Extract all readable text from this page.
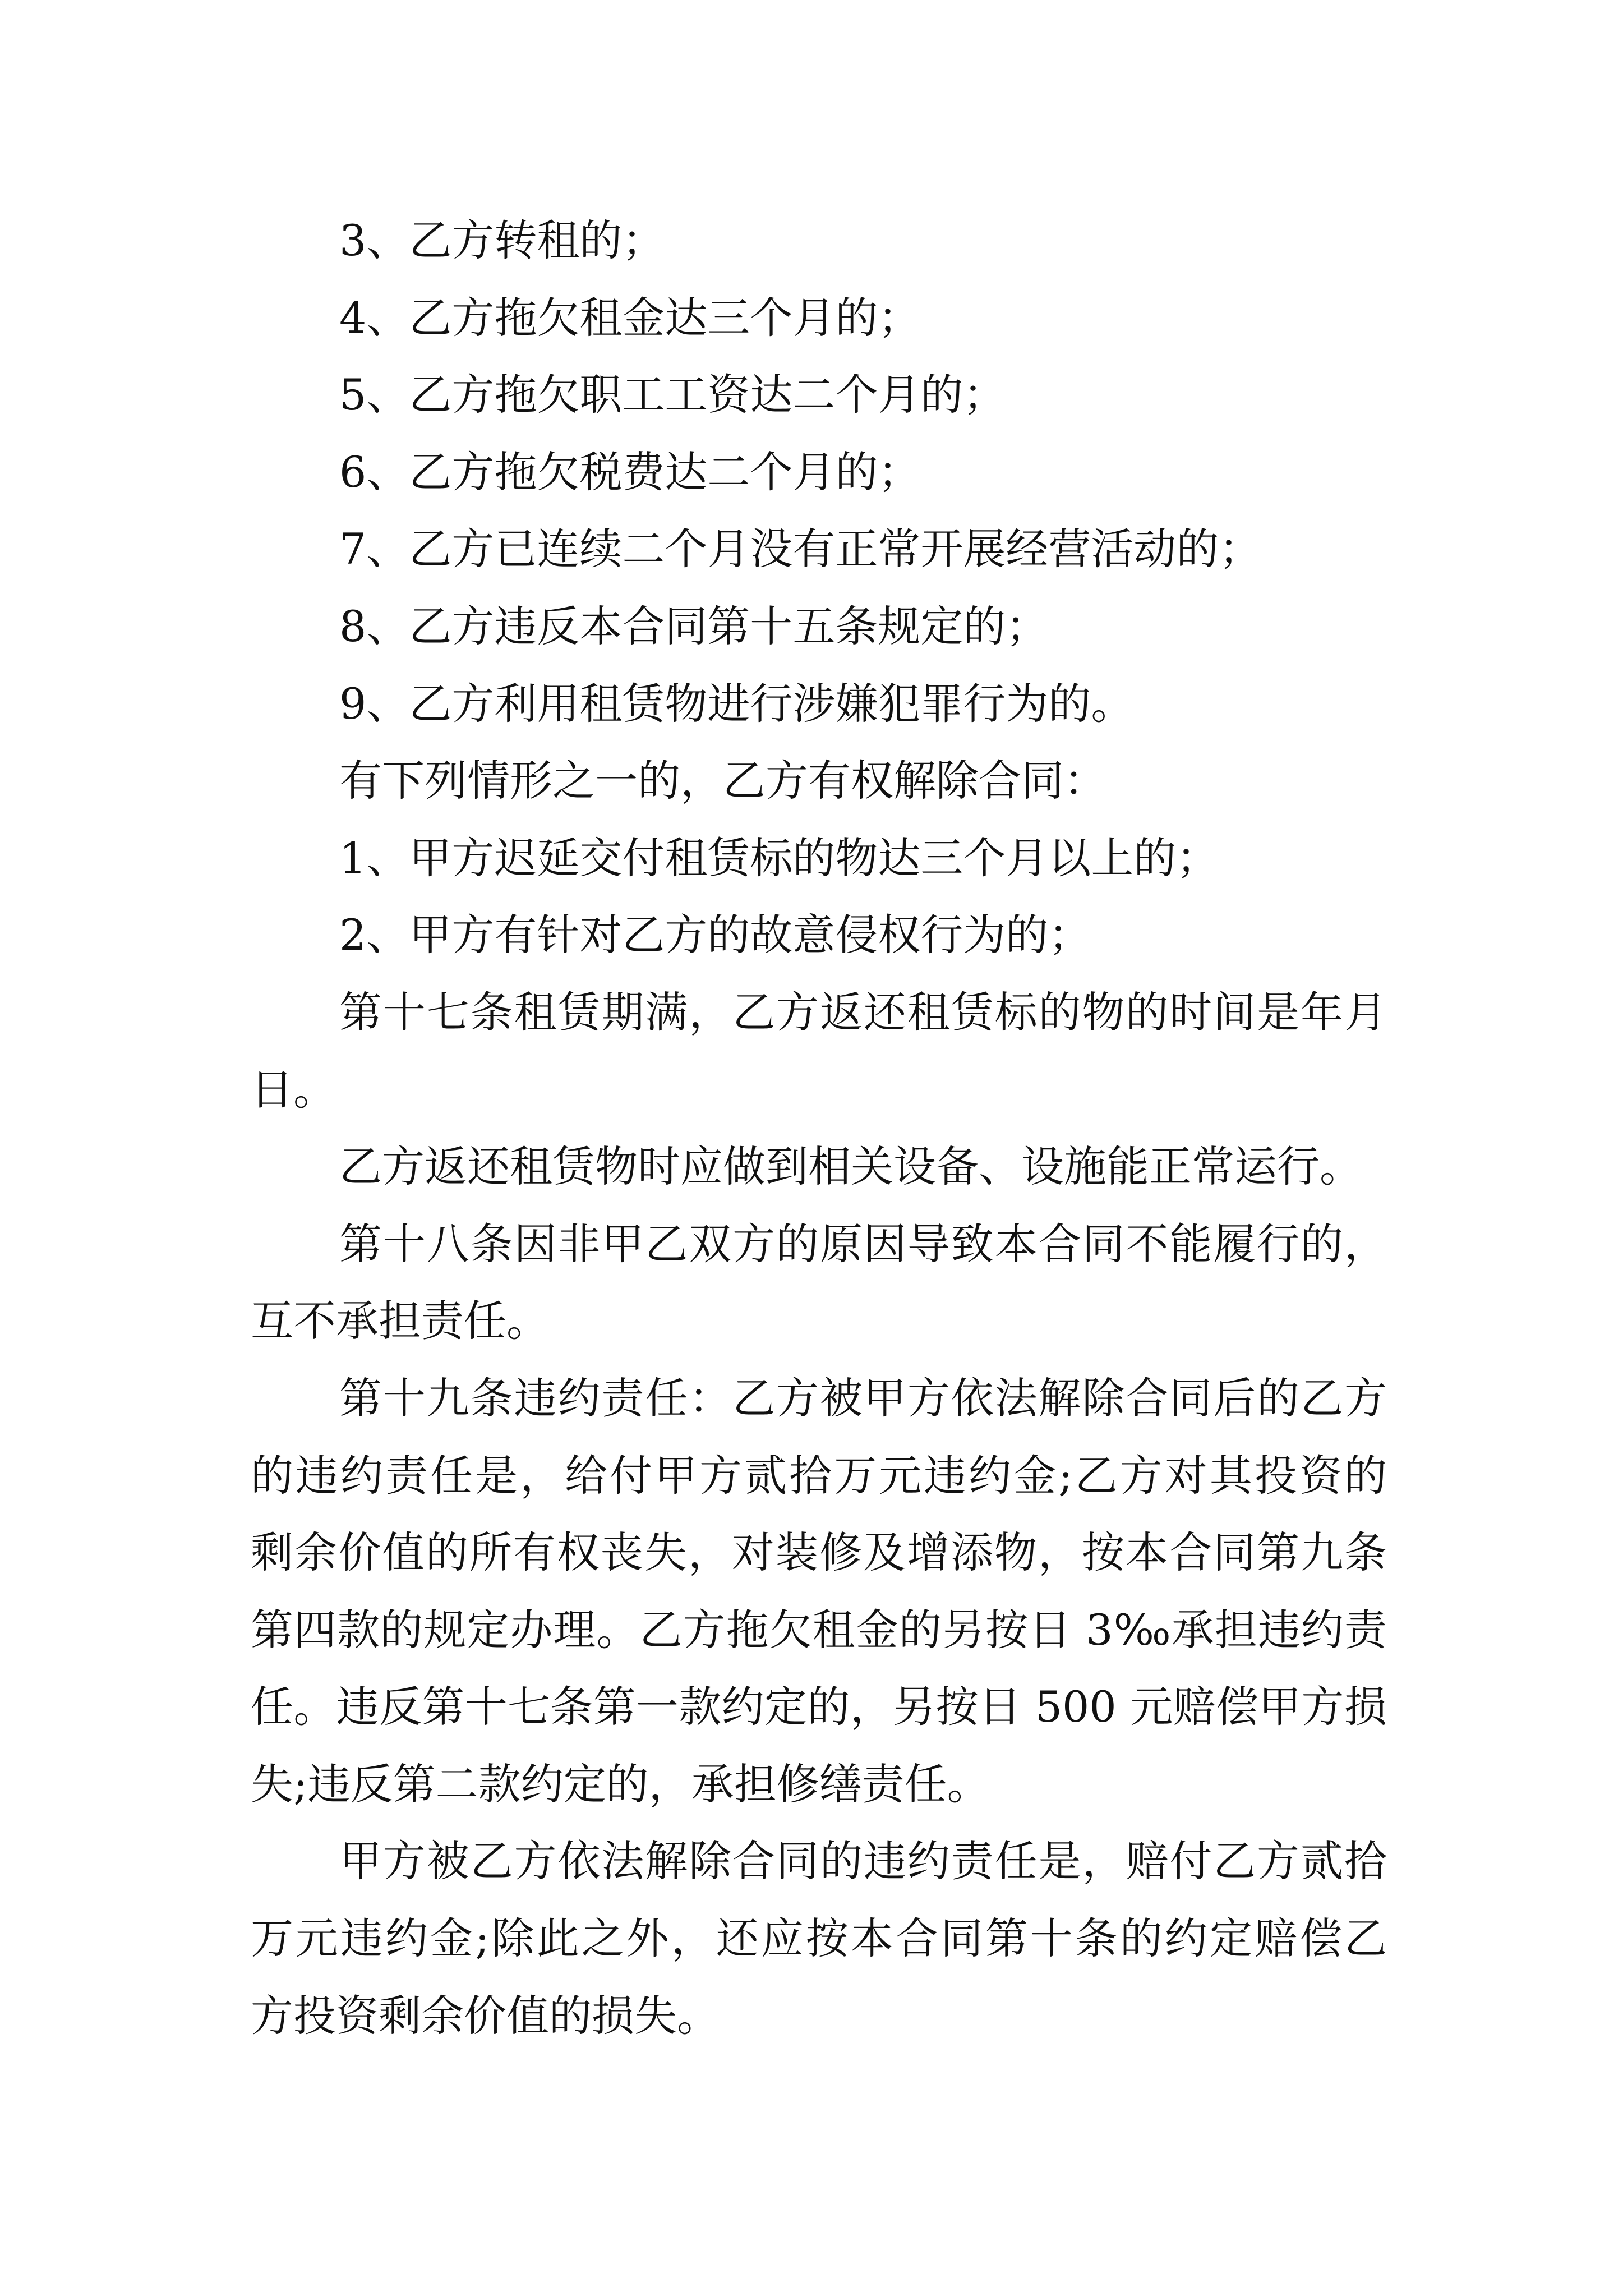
3、乙方转租的；
4、乙方拖欠租金达三个月的；
5、乙方拖欠职工工资达二个月的；
6、乙方拖欠税费达二个月的；
7、乙方已连续二个月没有正常开展经营活动的；
8、乙方违反本合同第十五条规定的；
9、乙方利用租赁物进行涉嫌犯罪行为的。
有下列情形之一的，乙方有权解除合同：
1、甲方迟延交付租赁标的物达三个月以上的；
2、甲方有针对乙方的故意侵权行为的；
第十七条租赁期满，乙方返还租赁标的物的时间是年月
日。
乙方返还租赁物时应做到相关设备、设施能正常运行。
第十八条因非甲乙双方的原因导致本合同不能履行的，
互不承担责任。
第十九条违约责任：乙方被甲方依法解除合同后的乙方
的违约责任是，给付甲方贰拾万元违约金;乙方对其投资的
剩余价值的所有权丧失，对装修及增添物，按本合同第九条
第四款的规定办理。乙方拖欠租金的另按日 3‰承担违约责
任。违反第十七条第一款约定的，另按日 500 元赔偿甲方损
失;违反第二款约定的，承担修缮责任。
甲方被乙方依法解除合同的违约责任是，赔付乙方贰拾
万元违约金;除此之外，还应按本合同第十条的约定赔偿乙
方投资剩余价值的损失。
